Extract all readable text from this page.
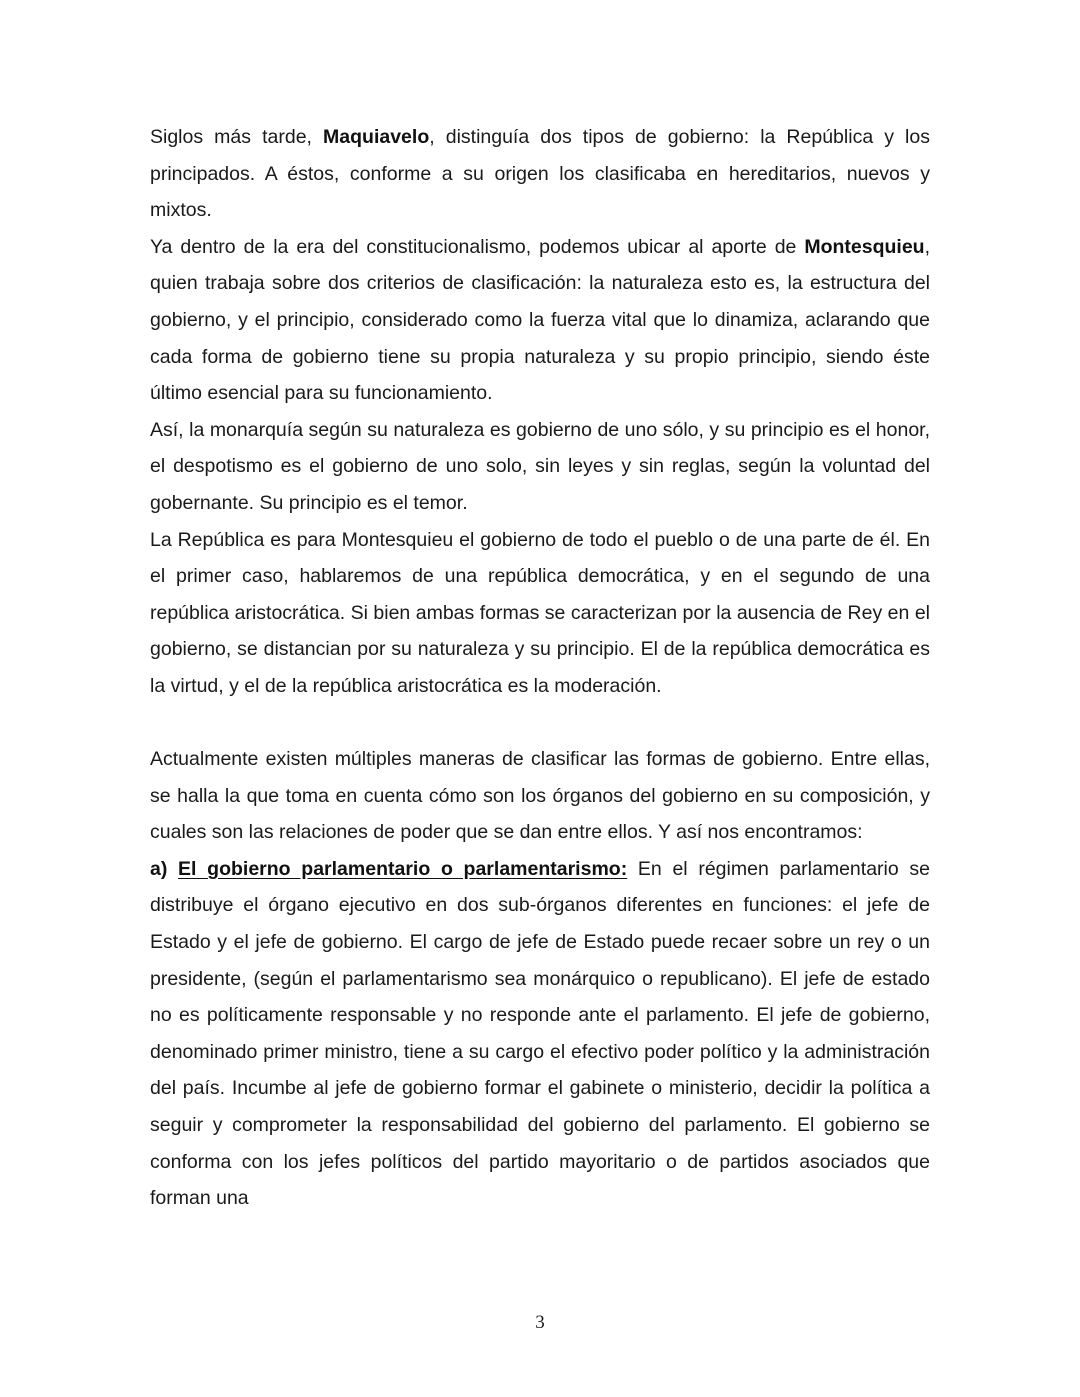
Siglos más tarde, Maquiavelo, distinguía dos tipos de gobierno: la República y los principados. A éstos, conforme a su origen los clasificaba en hereditarios, nuevos y mixtos.

Ya dentro de la era del constitucionalismo, podemos ubicar al aporte de Montesquieu, quien trabaja sobre dos criterios de clasificación: la naturaleza esto es, la estructura del gobierno, y el principio, considerado como la fuerza vital que lo dinamiza, aclarando que cada forma de gobierno tiene su propia naturaleza y su propio principio, siendo éste último esencial para su funcionamiento.

Así, la monarquía según su naturaleza es gobierno de uno sólo, y su principio es el honor, el despotismo es el gobierno de uno solo, sin leyes y sin reglas, según la voluntad del gobernante. Su principio es el temor.

La República es para Montesquieu el gobierno de todo el pueblo o de una parte de él. En el primer caso, hablaremos de una república democrática, y en el segundo de una república aristocrática. Si bien ambas formas se caracterizan por la ausencia de Rey en el gobierno, se distancian por su naturaleza y su principio. El de la república democrática es la virtud, y el de la república aristocrática es la moderación.

Actualmente existen múltiples maneras de clasificar las formas de gobierno. Entre ellas, se halla la que toma en cuenta cómo son los órganos del gobierno en su composición, y cuales son las relaciones de poder que se dan entre ellos. Y así nos encontramos:

a) El gobierno parlamentario o parlamentarismo: En el régimen parlamentario se distribuye el órgano ejecutivo en dos sub-órganos diferentes en funciones: el jefe de Estado y el jefe de gobierno. El cargo de jefe de Estado puede recaer sobre un rey o un presidente, (según el parlamentarismo sea monárquico o republicano). El jefe de estado no es políticamente responsable y no responde ante el parlamento. El jefe de gobierno, denominado primer ministro, tiene a su cargo el efectivo poder político y la administración del país. Incumbe al jefe de gobierno formar el gabinete o ministerio, decidir la política a seguir y comprometer la responsabilidad del gobierno del parlamento. El gobierno se conforma con los jefes políticos del partido mayoritario o de partidos asociados que forman una

3
